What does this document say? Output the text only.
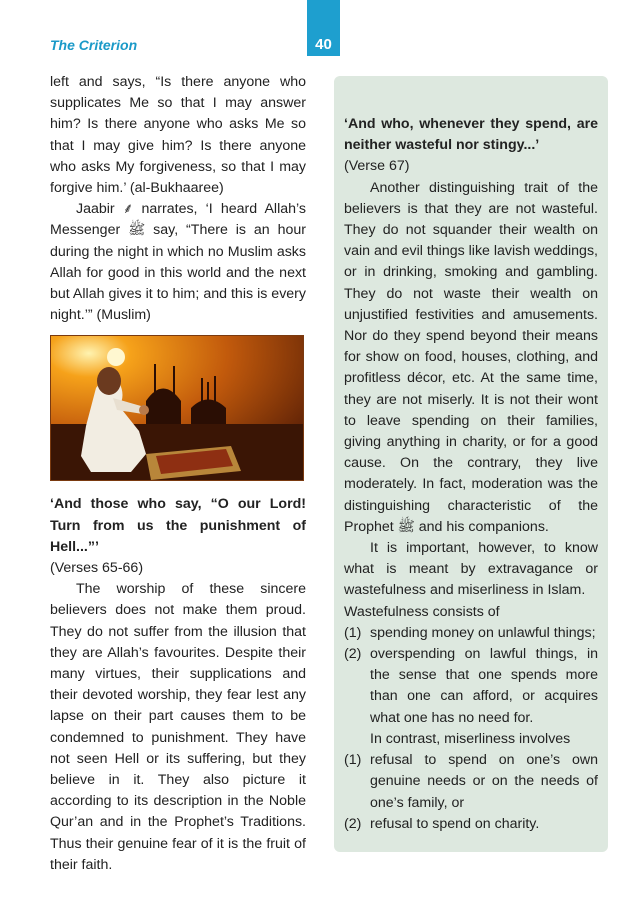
The Criterion	40

left and says, “Is there anyone who supplicates Me so that I may answer him? Is there anyone who asks Me so that I may give him? Is there anyone who asks My forgiveness, so that I may forgive him.’ (al-Bukhaaree)

Jaabir ⸙ narrates, ‘I heard Allah’s Messenger ﷺ say, “There is an hour during the night in which no Muslim asks Allah for good in this world and the next but Allah gives it to him; and this is every night.’” (Muslim)

‘And those who say, “O our Lord! Turn from us the punishment of Hell...”’

(Verses 65-66)

The worship of these sincere believers does not make them proud. They do not suffer from the illusion that they are Allah’s favourites. Despite their many virtues, their supplications and their devoted worship, they fear lest any lapse on their part causes them to be condemned to punishment. They have not seen Hell or its suffering, but they believe in it. They also picture it according to its description in the Noble Qur’an and in the Prophet’s Traditions. Thus their genuine fear of it is the fruit of their faith.

‘And who, whenever they spend, are neither wasteful nor stingy...’

(Verse 67)

Another distinguishing trait of the believers is that they are not wasteful. They do not squander their wealth on vain and evil things like lavish weddings, or in drinking, smoking and gambling. They do not waste their wealth on unjustified festivities and amusements. Nor do they spend beyond their means for show on food, houses, clothing, and profitless décor, etc. At the same time, they are not miserly. It is not their wont to leave spending on their families, giving anything in charity, or for a good cause. On the contrary, they live moderately. In fact, moderation was the distinguishing characteristic of the Prophet ﷺ and his companions.

It is important, however, to know what is meant by extravagance or wastefulness and miserliness in Islam.

Wastefulness consists of

(1) spending money on unlawful things;
(2) overspending on lawful things, in the sense that one spends more than one can afford, or acquires what one has no need for.

In contrast, miserliness involves

(1) refusal to spend on one’s own genuine needs or on the needs of one’s family, or
(2) refusal to spend on charity.
